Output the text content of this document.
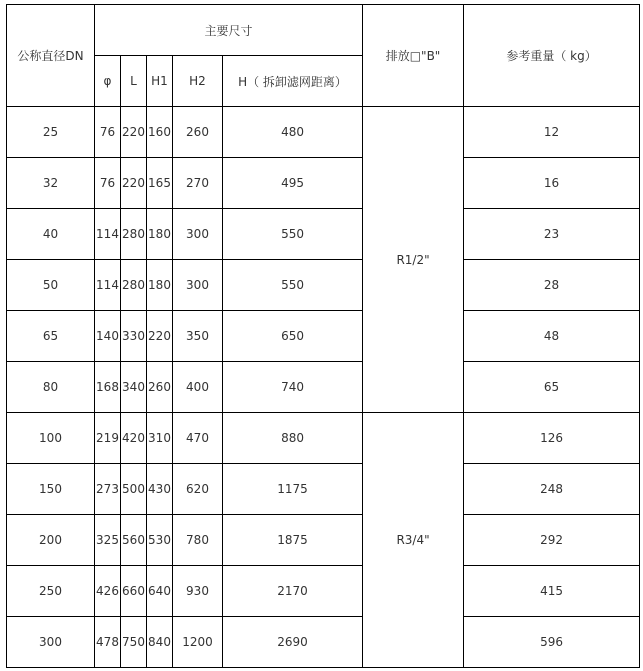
公称直径DN	主要尺寸					排放□"B"	参考重量（ kg）
	φ	L	H1	H2	H（ 拆卸滤网距离）		
25	76	220	160	260	480	R1/2"	12
32	76	220	165	270	495		16
40	114	280	180	300	550		23
50	114	280	180	300	550		28
65	140	330	220	350	650		48
80	168	340	260	400	740		65
100	219	420	310	470	880	R3/4"	126
150	273	500	430	620	1175		248
200	325	560	530	780	1875		292
250	426	660	640	930	2170		415
300	478	750	840	1200	2690		596
